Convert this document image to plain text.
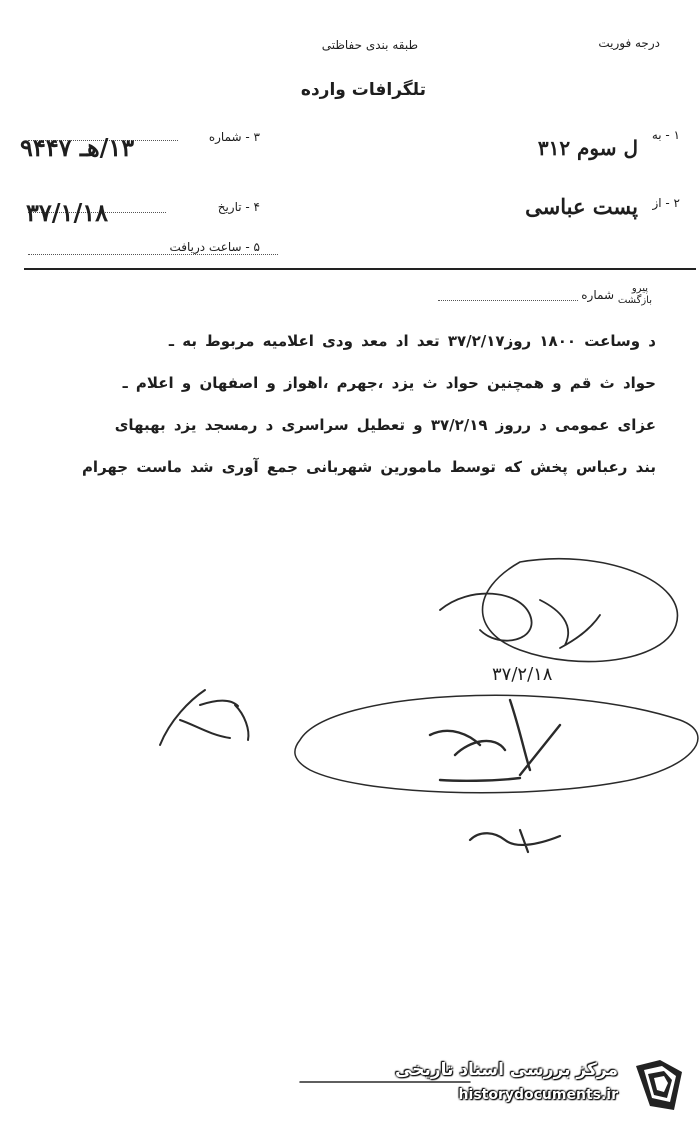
درجه فوریت
طبقه بندی حفاظتی
تلگرافات وارده
۱ - به
ل سوم ۳۱۲
۳ - شماره
۱۳/هـ ۹۴۴۷
۲ - از
پست عباسی
۴ - تاریخ
۳۷/۱/۱۸
۵ - ساعت دریافت
پیرو
بازگشت
شماره
د وساعت ۱۸۰۰ روز۳۷/۲/۱۷ تعد اد معد ودی اعلامیه مربوط به ـ
حواد ث قم و همچنین حواد ث یزد ،جهرم ،اهواز و اصفهان و اعلام ـ
عزای عمومی د رروز ۳۷/۲/۱۹ و تعطیل سراسری د رمسجد یزد بهبهای
بند رعباس پخش که توسط مامورین شهربانی جمع آوری شد ماست جهرام
۳۷/۲/۱۸
مرکز بررسی اسناد تاریخی
historydocuments.ir
